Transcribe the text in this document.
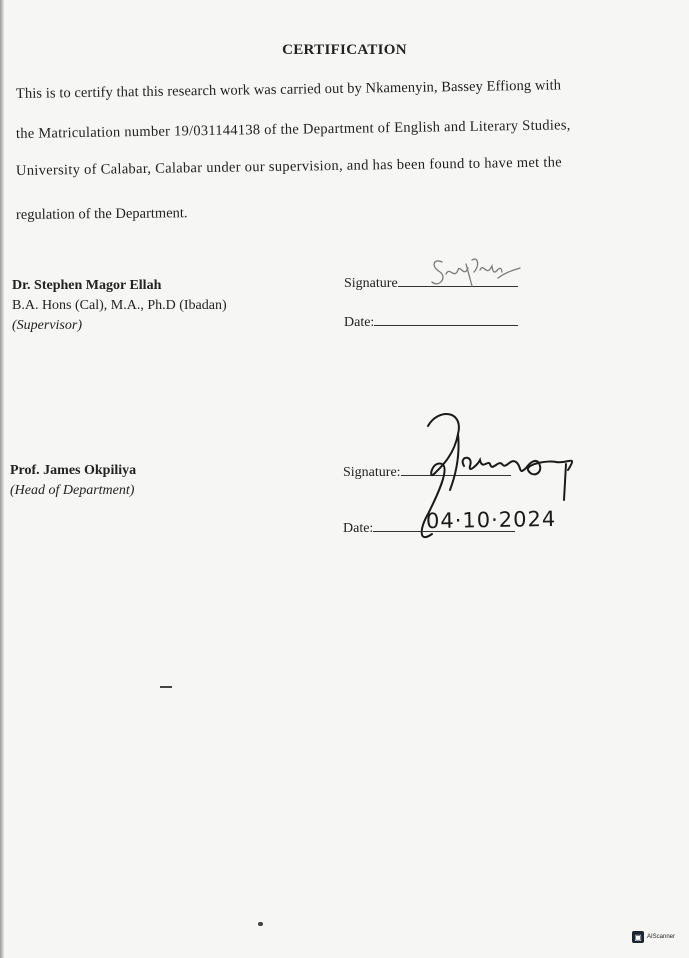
CERTIFICATION
This is to certify that this research work was carried out by Nkamenyin, Bassey Effiong with
the Matriculation number 19/031144138 of the Department of English and Literary Studies,
University of Calabar, Calabar under our supervision, and has been found to have met the
regulation of the Department.
Dr. Stephen Magor Ellah
B.A. Hons (Cal), M.A., Ph.D (Ibadan)
(Supervisor)
Signature
Date:
Prof. James Okpiliya
(Head of Department)
Signature:
Date:	04·10·2024
▣ AIScanner
